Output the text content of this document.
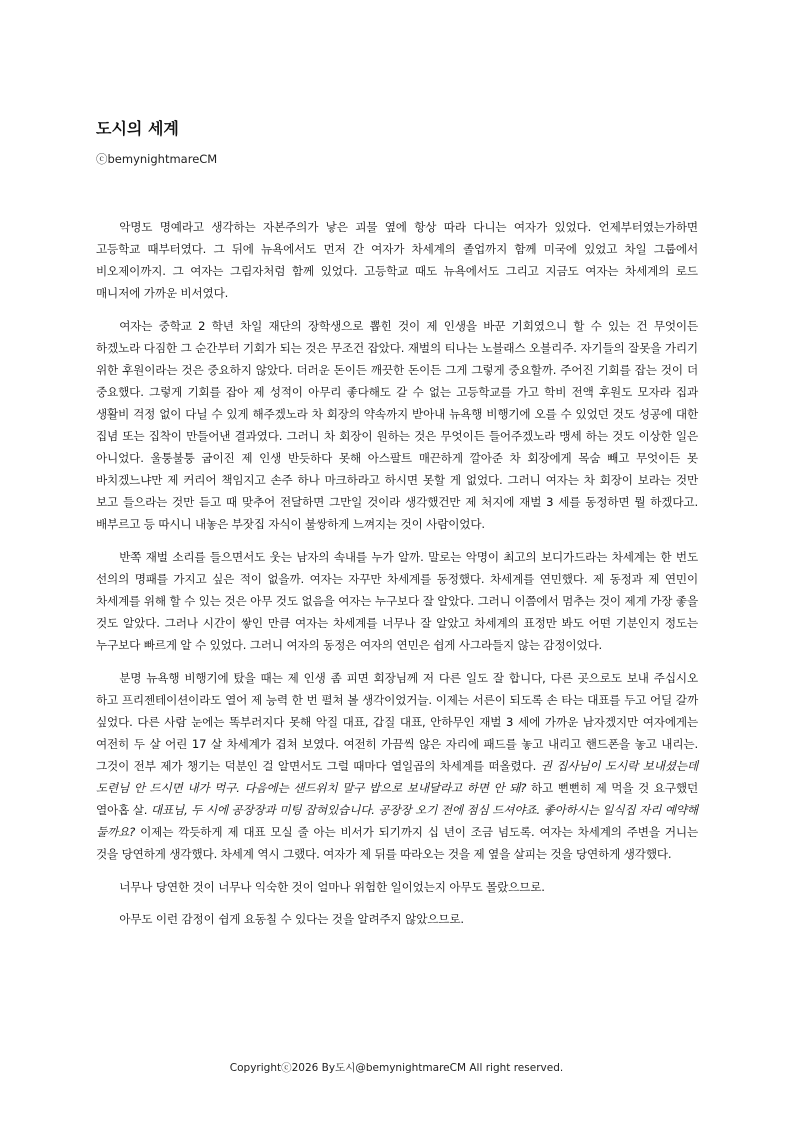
도시의 세계
ⓒbemynightmareCM

악명도 명예라고 생각하는 자본주의가 낳은 괴물 옆에 항상 따라 다니는 여자가 있었다. 언제부터였는가하면 고등학교 때부터였다. 그 뒤에 뉴욕에서도 먼저 간 여자가 차세계의 졸업까지 함께 미국에 있었고 차일 그룹에서 비오제이까지. 그 여자는 그림자처럼 함께 있었다. 고등학교 때도 뉴욕에서도 그리고 지금도 여자는 차세계의 로드 매니저에 가까운 비서였다.

여자는 중학교 2 학년 차일 재단의 장학생으로 뽑힌 것이 제 인생을 바꾼 기회였으니 할 수 있는 건 무엇이든 하겠노라 다짐한 그 순간부터 기회가 되는 것은 무조건 잡았다. 재벌의 티나는 노블래스 오블리주. 자기들의 잘못을 가리기 위한 후원이라는 것은 중요하지 않았다. 더러운 돈이든 깨끗한 돈이든 그게 그렇게 중요할까. 주어진 기회를 잡는 것이 더 중요했다. 그렇게 기회를 잡아 제 성적이 아무리 좋다해도 갈 수 없는 고등학교를 가고 학비 전액 후원도 모자라 집과 생활비 걱정 없이 다닐 수 있게 해주겠노라 차 회장의 약속까지 받아내 뉴욕행 비행기에 오를 수 있었던 것도 성공에 대한 집념 또는 집착이 만들어낸 결과였다. 그러니 차 회장이 원하는 것은 무엇이든 들어주겠노라 맹세 하는 것도 이상한 일은 아니었다. 울퉁불퉁 굽이진 제 인생 반듯하다 못해 아스팔트 매끈하게 깔아준 차 회장에게 목숨 빼고 무엇이든 못 바치겠느냐만 제 커리어 책임지고 손주 하나 마크하라고 하시면 못할 게 없었다. 그러니 여자는 차 회장이 보라는 것만 보고 들으라는 것만 듣고 때 맞추어 전달하면 그만일 것이라 생각했건만 제 처지에 재벌 3 세를 동정하면 뭘 하겠다고. 배부르고 등 따시니 내놓은 부잣집 자식이 불쌍하게 느껴지는 것이 사람이었다.

반쪽 재벌 소리를 들으면서도 웃는 남자의 속내를 누가 알까. 말로는 악명이 최고의 보디가드라는 차세계는 한 번도 선의의 명패를 가지고 싶은 적이 없을까. 여자는 자꾸만 차세계를 동정했다. 차세계를 연민했다. 제 동정과 제 연민이 차세계를 위해 할 수 있는 것은 아무 것도 없음을 여자는 누구보다 잘 알았다. 그러니 이쯤에서 멈추는 것이 제게 가장 좋을 것도 알았다. 그러나 시간이 쌓인 만큼 여자는 차세계를 너무나 잘 알았고 차세계의 표정만 봐도 어떤 기분인지 정도는 누구보다 빠르게 알 수 있었다. 그러니 여자의 동정은 여자의 연민은 쉽게 사그라들지 않는 감정이었다.

분명 뉴욕행 비행기에 탔을 때는 제 인생 좀 피면 회장님께 저 다른 일도 잘 합니다, 다른 곳으로도 보내 주십시오 하고 프리젠테이션이라도 열어 제 능력 한 번 펼쳐 볼 생각이었거늘. 이제는 서른이 되도록 손 타는 대표를 두고 어딜 갈까 싶었다. 다른 사람 눈에는 똑부러지다 못해 악질 대표, 갑질 대표, 안하무인 재벌 3 세에 가까운 남자겠지만 여자에게는 여전히 두 살 어린 17 살 차세계가 겹쳐 보였다. 여전히 가끔씩 않은 자리에 패드를 놓고 내리고 핸드폰을 놓고 내리는. 그것이 전부 제가 챙기는 덕분인 걸 알면서도 그럴 때마다 열일곱의 차세계를 떠올렸다. 권 집사님이 도시락 보내셨는데 도련님 안 드시면 내가 먹구. 다음에는 샌드위치 말구 밥으로 보내달라고 하면 안 돼? 하고 뻔뻔히 제 먹을 것 요구했던 열아홉 살. 대표님, 두 시에 공장장과 미팅 잡혀있습니다. 공장장 오기 전에 점심 드셔야죠. 좋아하시는 일식집 자리 예약해 둘까요? 이제는 깍듯하게 제 대표 모실 줄 아는 비서가 되기까지 십 년이 조금 넘도록. 여자는 차세계의 주변을 거니는 것을 당연하게 생각했다. 차세계 역시 그랬다. 여자가 제 뒤를 따라오는 것을 제 옆을 살피는 것을 당연하게 생각했다.

너무나 당연한 것이 너무나 익숙한 것이 얼마나 위험한 일이었는지 아무도 몰랐으므로.

아무도 이런 감정이 쉽게 요동칠 수 있다는 것을 알려주지 않았으므로.

Copyrightⓒ2026 By도시@bemynightmareCM All right reserved.
